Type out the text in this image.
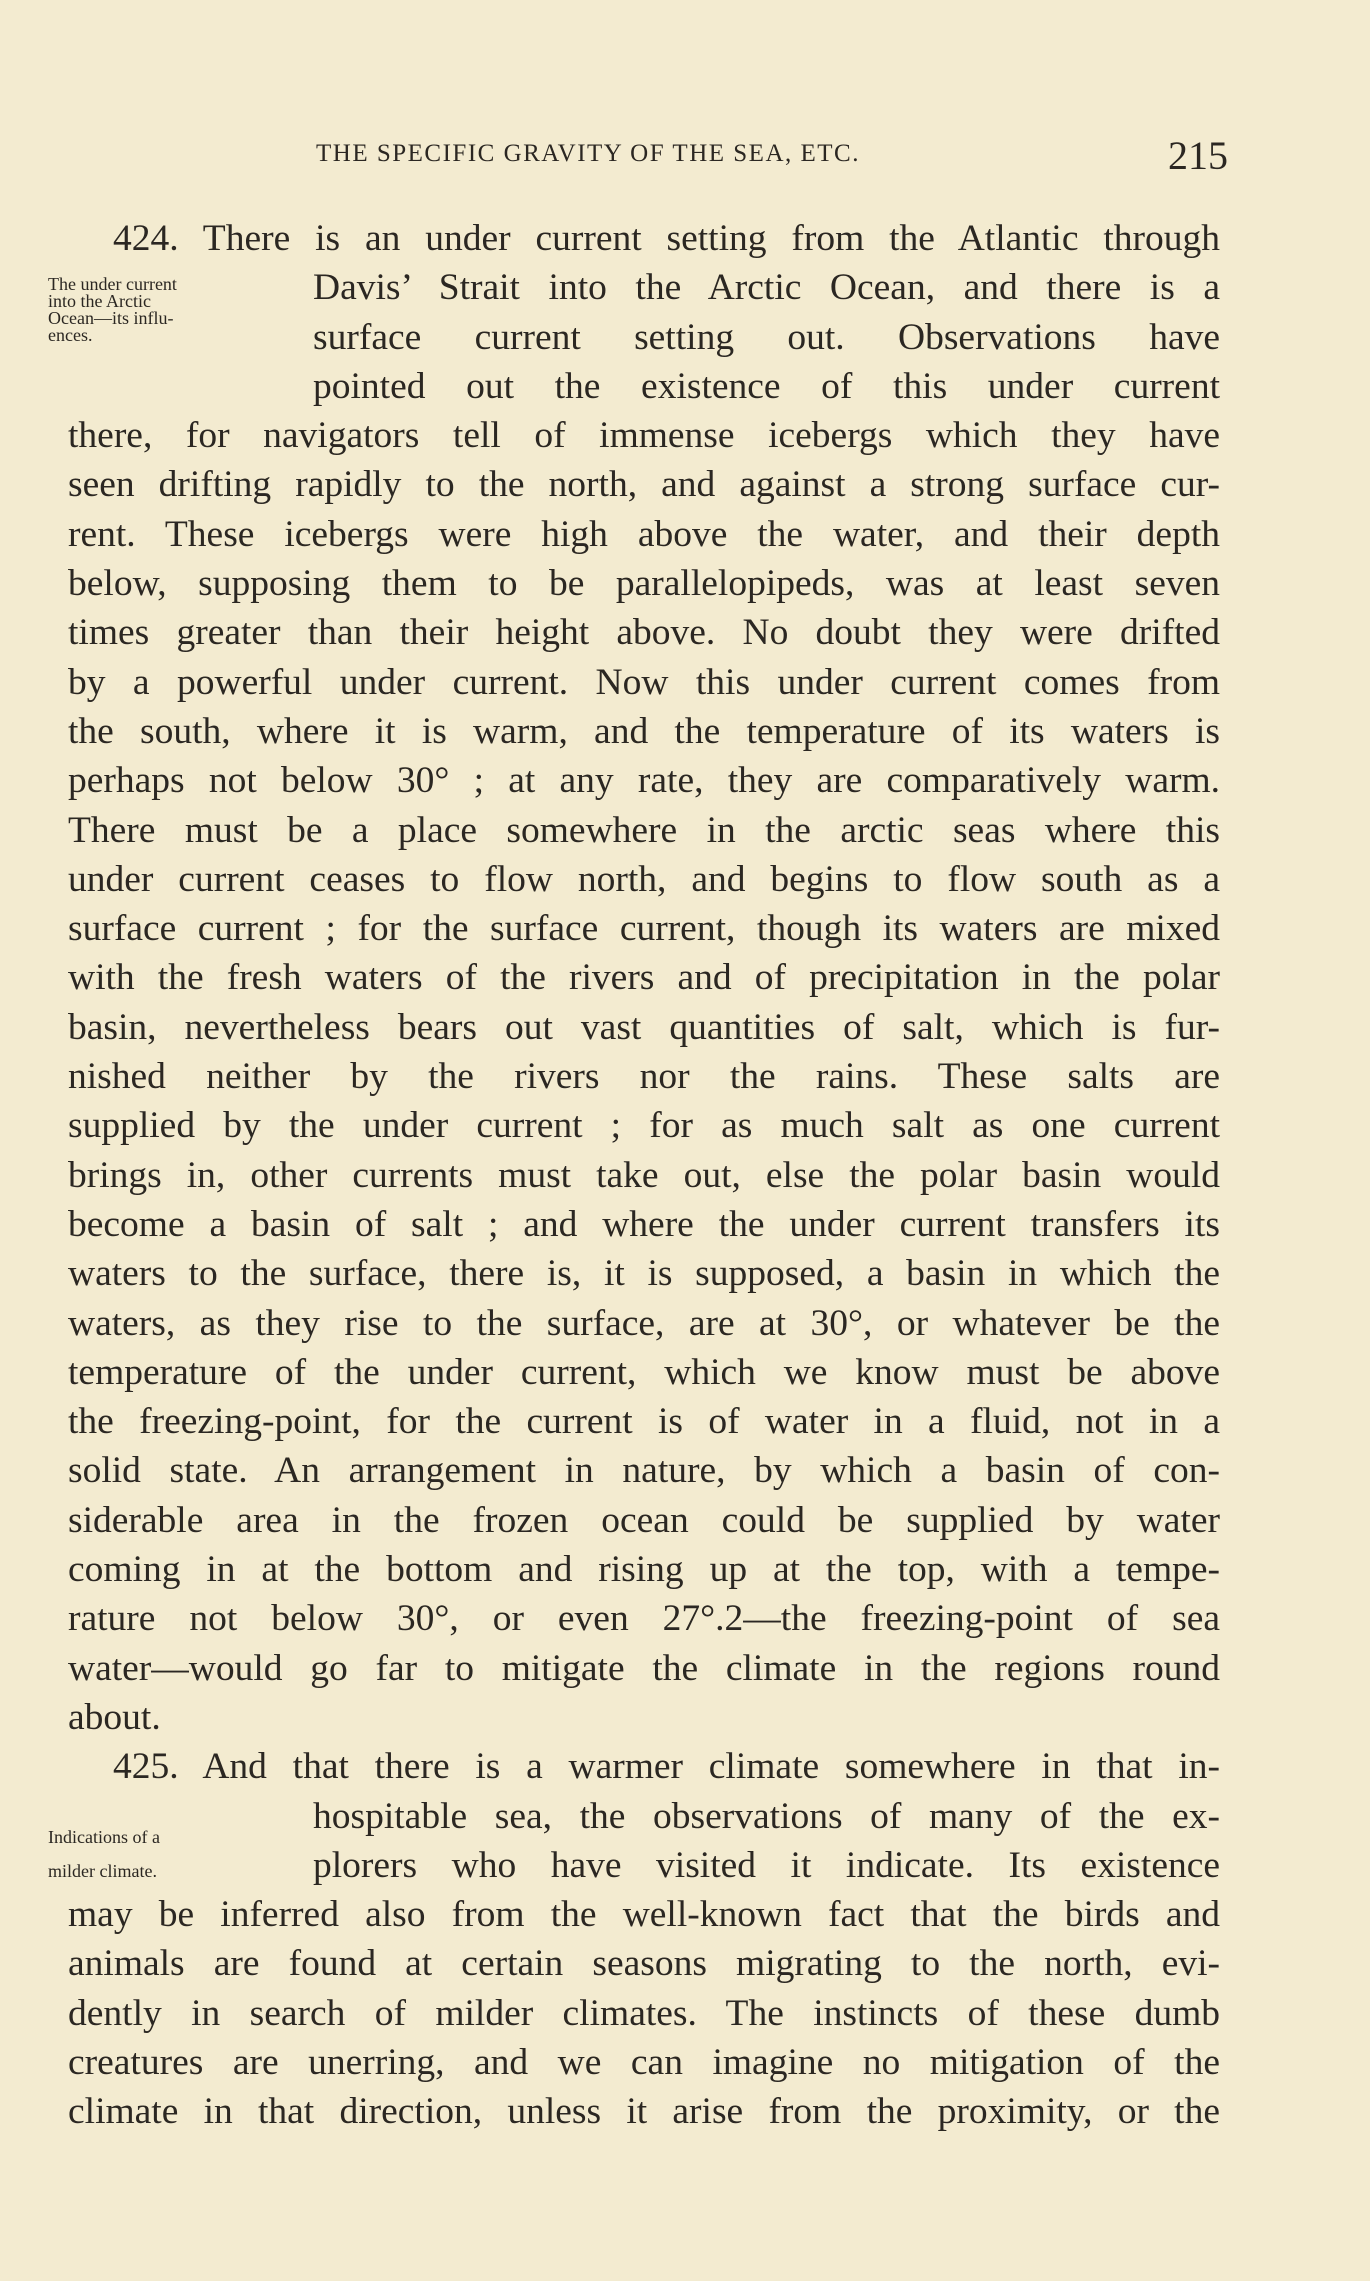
THE SPECIFIC GRAVITY OF THE SEA, ETC.	215
The under current
into the Arctic
Ocean—its influ-
ences.
Indications of a
milder climate.
424. There is an under current setting from the Atlantic through
Davis’ Strait into the Arctic Ocean, and there is a
surface current setting out. Observations have
pointed out the existence of this under current
there, for navigators tell of immense icebergs which they have
seen drifting rapidly to the north, and against a strong surface cur-
rent. These icebergs were high above the water, and their depth
below, supposing them to be parallelopipeds, was at least seven
times greater than their height above. No doubt they were drifted
by a powerful under current. Now this under current comes from
the south, where it is warm, and the temperature of its waters is
perhaps not below 30° ; at any rate, they are comparatively warm.
There must be a place somewhere in the arctic seas where this
under current ceases to flow north, and begins to flow south as a
surface current ; for the surface current, though its waters are mixed
with the fresh waters of the rivers and of precipitation in the polar
basin, nevertheless bears out vast quantities of salt, which is fur-
nished neither by the rivers nor the rains. These salts are
supplied by the under current ; for as much salt as one current
brings in, other currents must take out, else the polar basin would
become a basin of salt ; and where the under current transfers its
waters to the surface, there is, it is supposed, a basin in which the
waters, as they rise to the surface, are at 30°, or whatever be the
temperature of the under current, which we know must be above
the freezing-point, for the current is of water in a fluid, not in a
solid state. An arrangement in nature, by which a basin of con-
siderable area in the frozen ocean could be supplied by water
coming in at the bottom and rising up at the top, with a tempe-
rature not below 30°, or even 27°.2—the freezing-point of sea
water—would go far to mitigate the climate in the regions round
about.
425. And that there is a warmer climate somewhere in that in-
hospitable sea, the observations of many of the ex-
plorers who have visited it indicate. Its existence
may be inferred also from the well-known fact that the birds and
animals are found at certain seasons migrating to the north, evi-
dently in search of milder climates. The instincts of these dumb
creatures are unerring, and we can imagine no mitigation of the
climate in that direction, unless it arise from the proximity, or the
